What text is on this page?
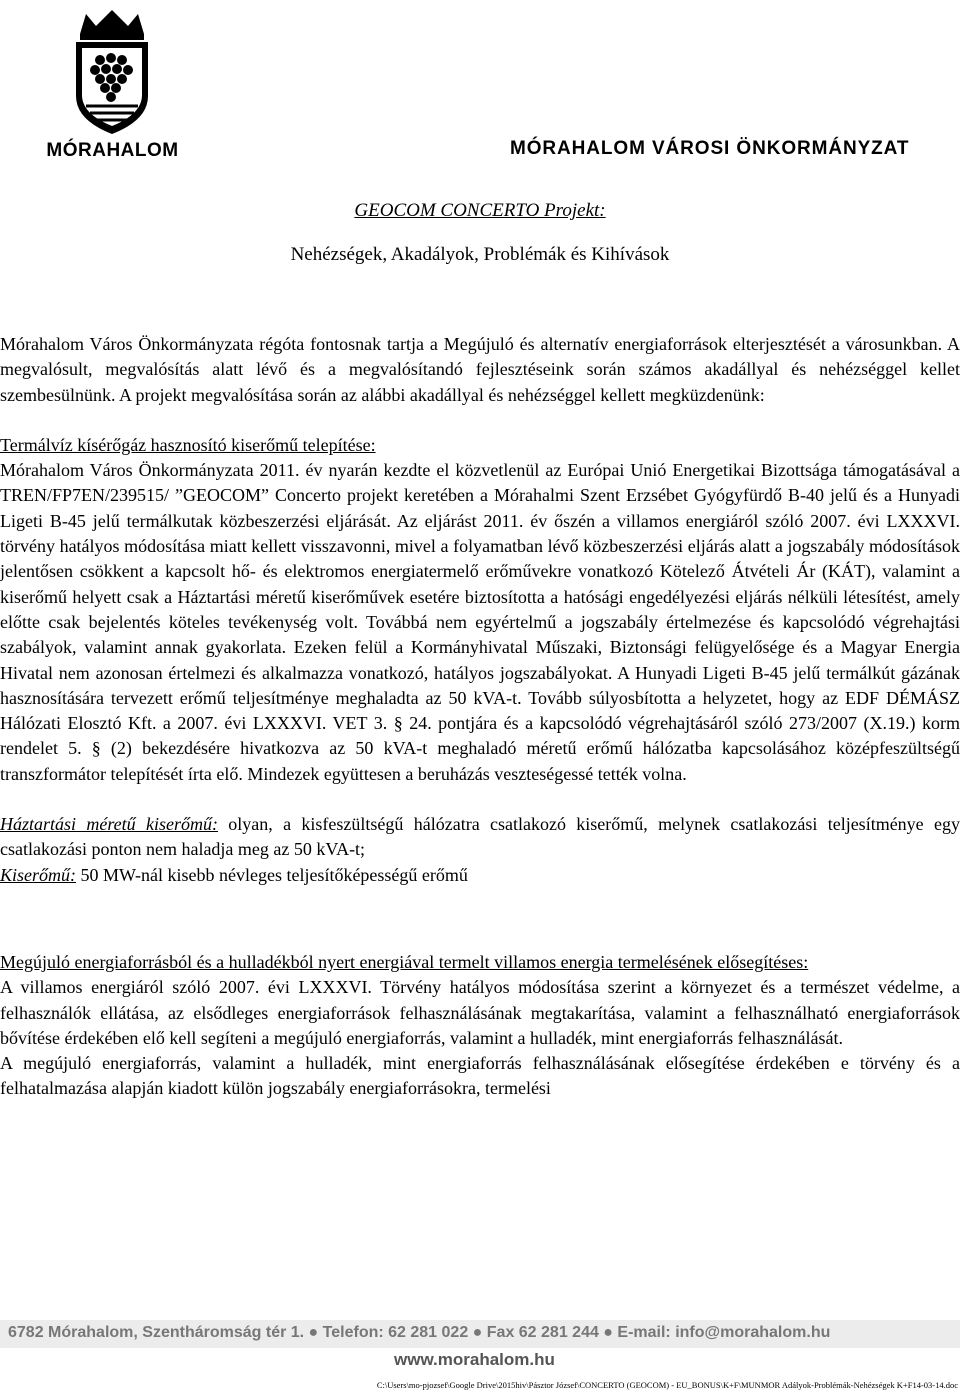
MÓRAHALOM	MÓRAHALOM VÁROSI ÖNKORMÁNYZAT
GEOCOM CONCERTO Projekt:
Nehézségek, Akadályok, Problémák és Kihívások

Mórahalom Város Önkormányzata régóta fontosnak tartja a Megújuló és alternatív energiaforrások elterjesztését a városunkban. A megvalósult, megvalósítás alatt lévő és a megvalósítandó fejlesztéseink során számos akadállyal és nehézséggel kellet szembesülnünk. A projekt megvalósítása során az alábbi akadállyal és nehézséggel kellett megküzdenünk:

Termálvíz kísérőgáz hasznosító kiserőmű telepítése:

Mórahalom Város Önkormányzata 2011. év nyarán kezdte el közvetlenül az Európai Unió Energetikai Bizottsága támogatásával a TREN/FP7EN/239515/ ”GEOCOM” Concerto projekt keretében a Mórahalmi Szent Erzsébet Gyógyfürdő B-40 jelű és a Hunyadi Ligeti B-45 jelű termálkutak közbeszerzési eljárását. Az eljárást 2011. év őszén a villamos energiáról szóló 2007. évi LXXXVI. törvény hatályos módosítása miatt kellett visszavonni, mivel a folyamatban lévő közbeszerzési eljárás alatt a jogszabály módosítások jelentősen csökkent a kapcsolt hő- és elektromos energiatermelő erőművekre vonatkozó Kötelező Átvételi Ár (KÁT), valamint a kiserőmű helyett csak a Háztartási méretű kiserőművek esetére biztosította a hatósági engedélyezési eljárás nélküli létesítést, amely előtte csak bejelentés köteles tevékenység volt. Továbbá nem egyértelmű a jogszabály értelmezése és kapcsolódó végrehajtási szabályok, valamint annak gyakorlata. Ezeken felül a Kormányhivatal Műszaki, Biztonsági felügyelősége és a Magyar Energia Hivatal nem azonosan értelmezi és alkalmazza vonatkozó, hatályos jogszabályokat. A Hunyadi Ligeti B-45 jelű termálkút gázának hasznosítására tervezett erőmű teljesítménye meghaladta az 50 kVA-t. Tovább súlyosbította a helyzetet, hogy az EDF DÉMÁSZ Hálózati Elosztó Kft. a 2007. évi LXXXVI. VET 3. § 24. pontjára és a kapcsolódó végrehajtásáról szóló 273/2007 (X.19.) korm rendelet 5. § (2) bekezdésére hivatkozva az 50 kVA-t meghaladó méretű erőmű hálózatba kapcsolásához középfeszültségű transzformátor telepítését írta elő. Mindezek együttesen a beruházás veszteségessé tették volna.

Háztartási méretű kiserőmű: olyan, a kisfeszültségű hálózatra csatlakozó kiserőmű, melynek csatlakozási teljesítménye egy csatlakozási ponton nem haladja meg az 50 kVA-t;

Kiserőmű: 50 MW-nál kisebb névleges teljesítőképességű erőmű

Megújuló energiaforrásból és a hulladékból nyert energiával termelt villamos energia termelésének elősegítéses:

A villamos energiáról szóló 2007. évi LXXXVI. Törvény hatályos módosítása szerint a környezet és a természet védelme, a felhasználók ellátása, az elsődleges energiaforrások felhasználásának megtakarítása, valamint a felhasználható energiaforrások bővítése érdekében elő kell segíteni a megújuló energiaforrás, valamint a hulladék, mint energiaforrás felhasználását.

A megújuló energiaforrás, valamint a hulladék, mint energiaforrás felhasználásának elősegítése érdekében e törvény és a felhatalmazása alapján kiadott külön jogszabály energiaforrásokra, termelési

6782 Mórahalom, Szentháromság tér 1. ● Telefon: 62 281 022 ● Fax 62 281 244 ● E-mail: info@morahalom.hu
www.morahalom.hu
C:\Users\mo-pjozsef\Google Drive\2015hiv\Pásztor József\CONCERTO (GEOCOM) - EU_BONUS\K+F\MUNMOR Adályok-Problémák-Nehézségek K+F14-03-14.doc
